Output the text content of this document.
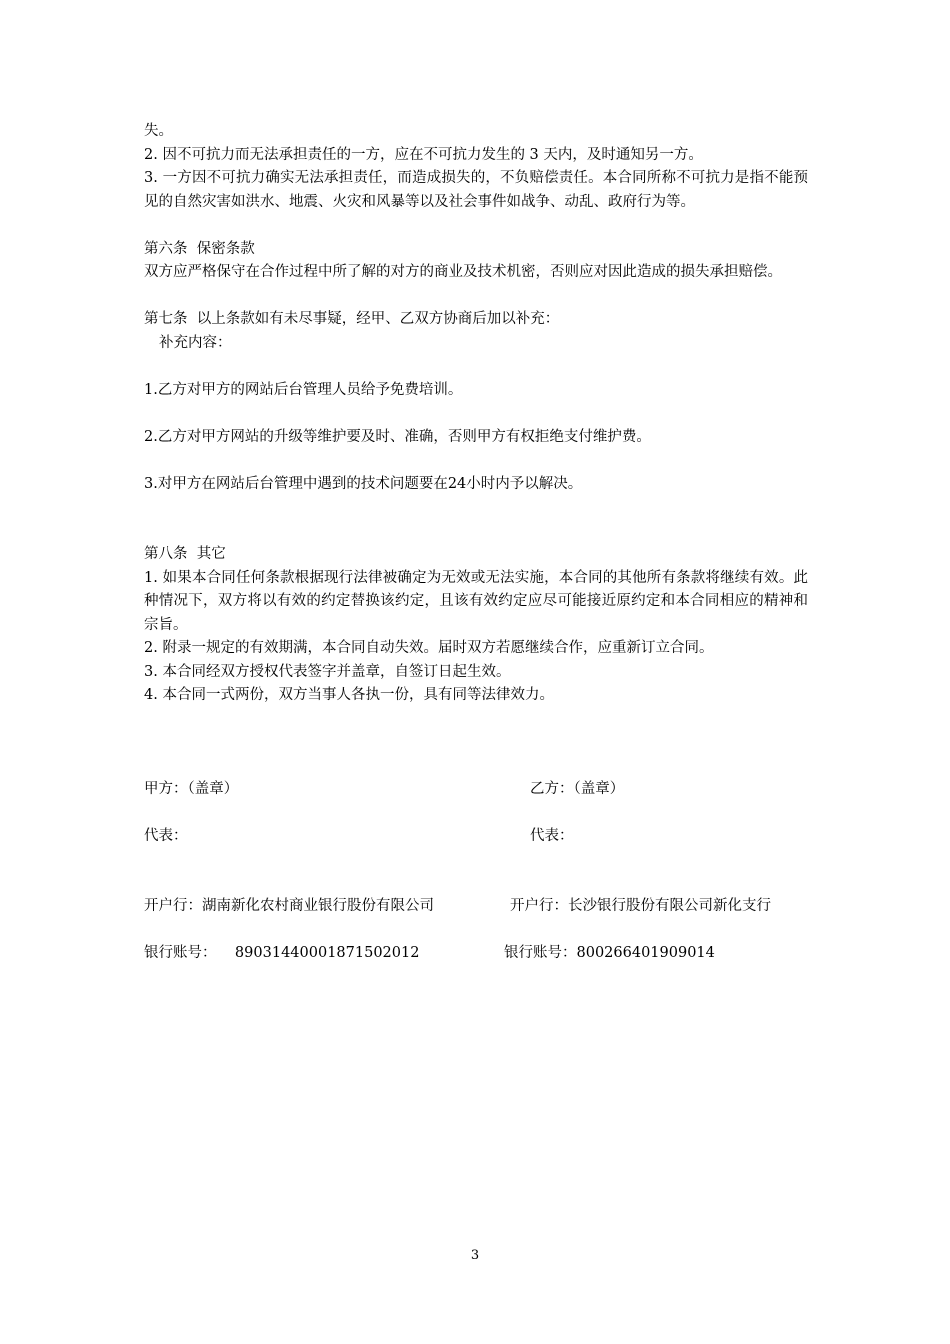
失。

2. 因不可抗力而无法承担责任的一方，应在不可抗力发生的 3 天内，及时通知另一方。

3. 一方因不可抗力确实无法承担责任，而造成损失的，不负赔偿责任。本合同所称不可抗力是指不能预见的自然灾害如洪水、地震、火灾和风暴等以及社会事件如战争、动乱、政府行为等。

第六条  保密条款

双方应严格保守在合作过程中所了解的对方的商业及技术机密，否则应对因此造成的损失承担赔偿。

第七条  以上条款如有未尽事疑，经甲、乙双方协商后加以补充：

补充内容：

1.乙方对甲方的网站后台管理人员给予免费培训。

2.乙方对甲方网站的升级等维护要及时、准确，否则甲方有权拒绝支付维护费。

3.对甲方在网站后台管理中遇到的技术问题要在24小时内予以解决。

第八条  其它

1. 如果本合同任何条款根据现行法律被确定为无效或无法实施，本合同的其他所有条款将继续有效。此种情况下，双方将以有效的约定替换该约定，且该有效约定应尽可能接近原约定和本合同相应的精神和宗旨。

2. 附录一规定的有效期满，本合同自动失效。届时双方若愿继续合作，应重新订立合同。

3. 本合同经双方授权代表签字并盖章，自签订日起生效。

4. 本合同一式两份，双方当事人各执一份，具有同等法律效力。

甲方：（盖章）

	乙方：（盖章）

代表：

	代表：

开户行：湖南新化农村商业银行股份有限公司

	开户行：长沙银行股份有限公司新化支行

银行账号：    89031440001871502012

	银行账号：800266401909014

3
